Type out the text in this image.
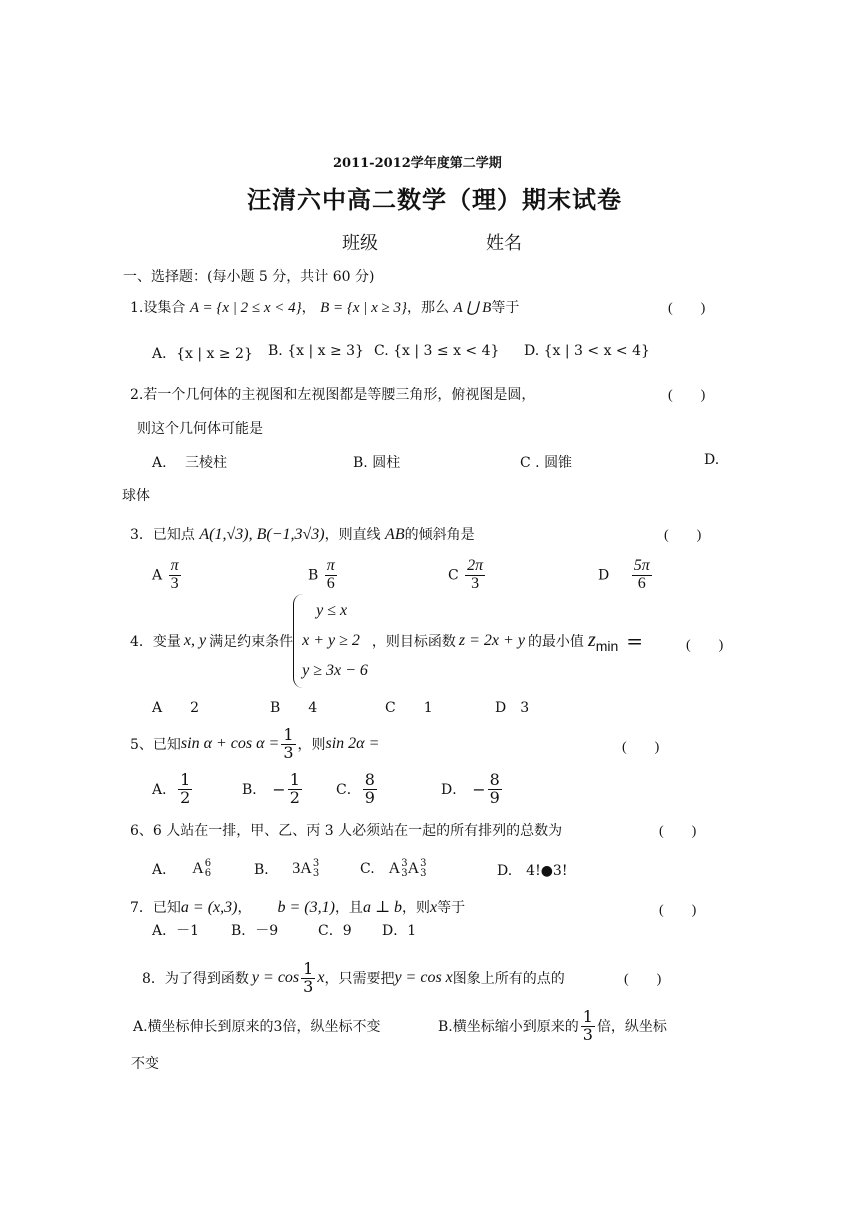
2011-2012学年度第二学期
汪清六中高二数学（理）期末试卷
班级	姓名
一、选择题：(每小题 5 分，共计 60 分)
1.设集合 A = {x | 2 ≤ x < 4}， B = {x | x ≥ 3}，那么 A ⋃ B等于	(　　)
A．{x | x ≥ 2} B. {x | x ≥ 3} C. {x | 3 ≤ x < 4} D. {x | 3 < x < 4}
2.若一个几何体的主视图和左视图都是等腰三角形，俯视图是圆，	(　　)
则这个几何体可能是
A.　 三棱柱	B. 圆柱	C . 圆锥	D.
球体
3．已知点 A(1,√3), B(−1,3√3)，则直线 AB的倾斜角是	(　　)
A $\frac{\pi}{3}$	B $\frac{\pi}{6}$	C $\frac{2\pi}{3}$	D $\frac{5\pi}{6}$
4．变量 x, y 满足约束条件
y ≤ x
x + y ≥ 2
y ≥ 3x − 6
，则目标函数 z = 2x + y 的最小值 $z_{min}$ =	(　　)
A　　2	B　　4	C　　1	D　3
5、已知 $\sin \alpha + \cos \alpha = \frac{1}{3}$ ，则 sin 2α =	(　　)
A． $\frac{1}{2}$	B． − $\frac{1}{2}$ C． $\frac{8}{9}$	D． − $\frac{8}{9}$
6、6 人站在一排，甲、乙、丙 3 人必须站在一起的所有排列的总数为	(　　)
A． A 6
6	B． 3A 3
3	C. A 3
3 A 3
3	D.　4!●3!
7．已知a = (x,3)， b = (3,1)，且a ⊥ b，则x等于	(　　)
A．－1 B．－9	C．9 D．1
8．为了得到函数 $y = \cos \frac{1}{3}$ x ，只需要把 y = cos x 图象上所有的点的	(　　)
A.横坐标伸长到原来的3倍，纵坐标不变	B.横坐标缩小到原来的 $\frac{1}{3}$ 倍，纵坐标
不变
